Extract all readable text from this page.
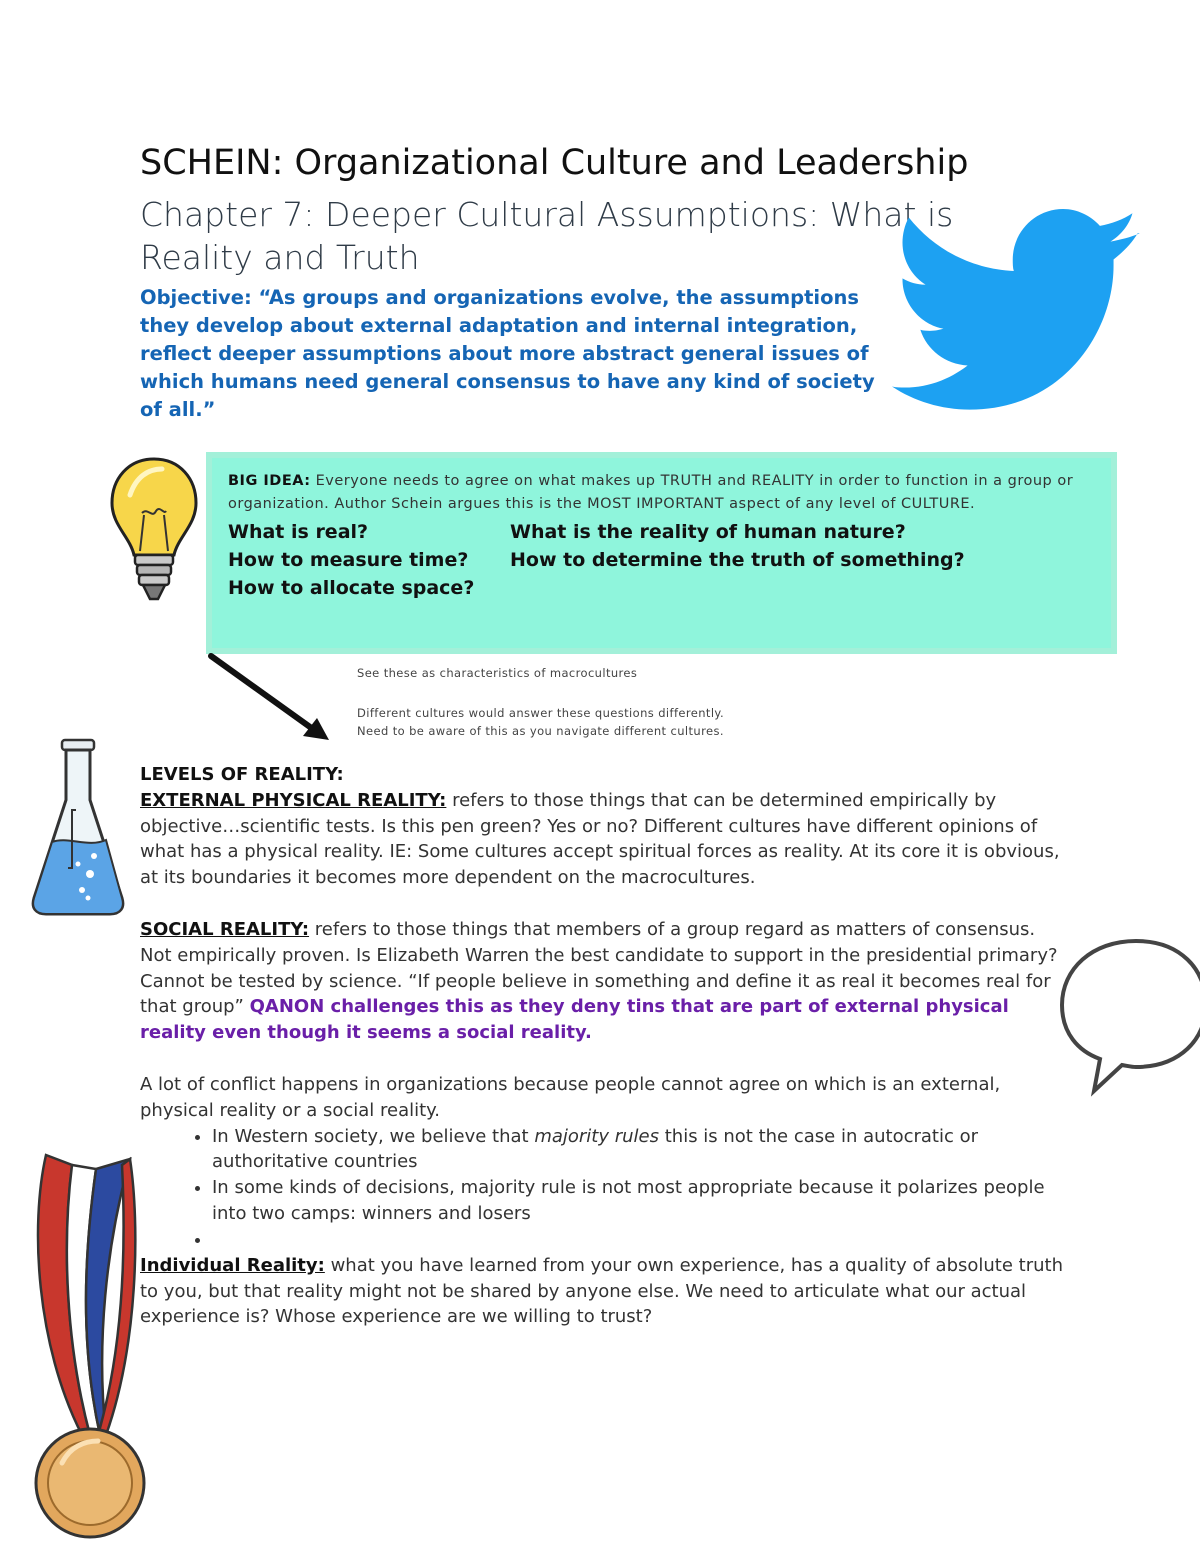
SCHEIN: Organizational Culture and Leadership
Chapter 7: Deeper Cultural Assumptions: What is Reality and Truth
Objective: “As groups and organizations evolve, the assumptions they develop about external adaptation and internal integration, reflect deeper assumptions about more abstract general issues of which humans need general consensus to have any kind of society of all.”
BIG IDEA: Everyone needs to agree on what makes up TRUTH and REALITY in order to function in a group or organization. Author Schein argues this is the MOST IMPORTANT aspect of any level of CULTURE.
What is real?	What is the reality of human nature?
How to measure time?	How to determine the truth of something?
How to allocate space?
See these as characteristics of macrocultures
Different cultures would answer these questions differently.
Need to be aware of this as you navigate different cultures.

LEVELS OF REALITY:

EXTERNAL PHYSICAL REALITY: refers to those things that can be determined empirically by objective…scientific tests. Is this pen green? Yes or no? Different cultures have different opinions of what has a physical reality. IE: Some cultures accept spiritual forces as reality. At its core it is obvious, at its boundaries it becomes more dependent on the macrocultures.

SOCIAL REALITY: refers to those things that members of a group regard as matters of consensus. Not empirically proven. Is Elizabeth Warren the best candidate to support in the presidential primary? Cannot be tested by science. “If people believe in something and define it as real it becomes real for that group” QANON challenges this as they deny tins that are part of external physical reality even though it seems a social reality.

A lot of conflict happens in organizations because people cannot agree on which is an external, physical reality or a social reality.

• In Western society, we believe that majority rules this is not the case in autocratic or authoritative countries
• In some kinds of decisions, majority rule is not most appropriate because it polarizes people into two camps: winners and losers
•

Individual Reality: what you have learned from your own experience, has a quality of absolute truth to you, but that reality might not be shared by anyone else. We need to articulate what our actual experience is? Whose experience are we willing to trust?
